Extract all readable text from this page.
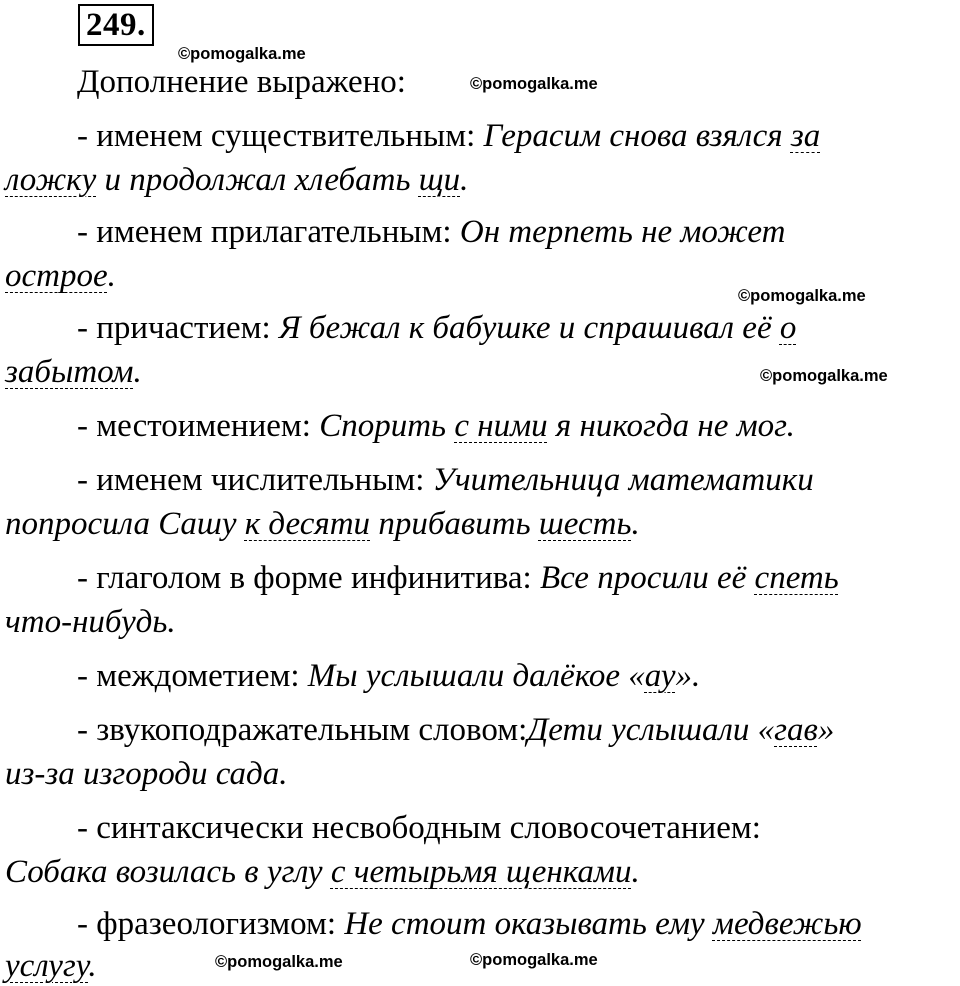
249.
©pomogalka.me
©pomogalka.me
©pomogalka.me
©pomogalka.me
©pomogalka.me	©pomogalka.me
Дополнение выражено:
- именем существительным: Герасим снова взялся за
ложку и продолжал хлебать щи.
- именем прилагательным: Он терпеть не может
острое.
- причастием: Я бежал к бабушке и спрашивал её о
забытом.
- местоимением: Спорить с ними я никогда не мог.
- именем числительным: Учительница математики
попросила Сашу к десяти прибавить шесть.
- глаголом в форме инфинитива: Все просили её спеть
что-нибудь.
- междометием: Мы услышали далёкое «ау».
- звукоподражательным словом:Дети услышали «гав»
из-за изгороди сада.
- синтаксически несвободным словосочетанием:
Собака возилась в углу с четырьмя щенками.
- фразеологизмом: Не стоит оказывать ему медвежью
услугу.
